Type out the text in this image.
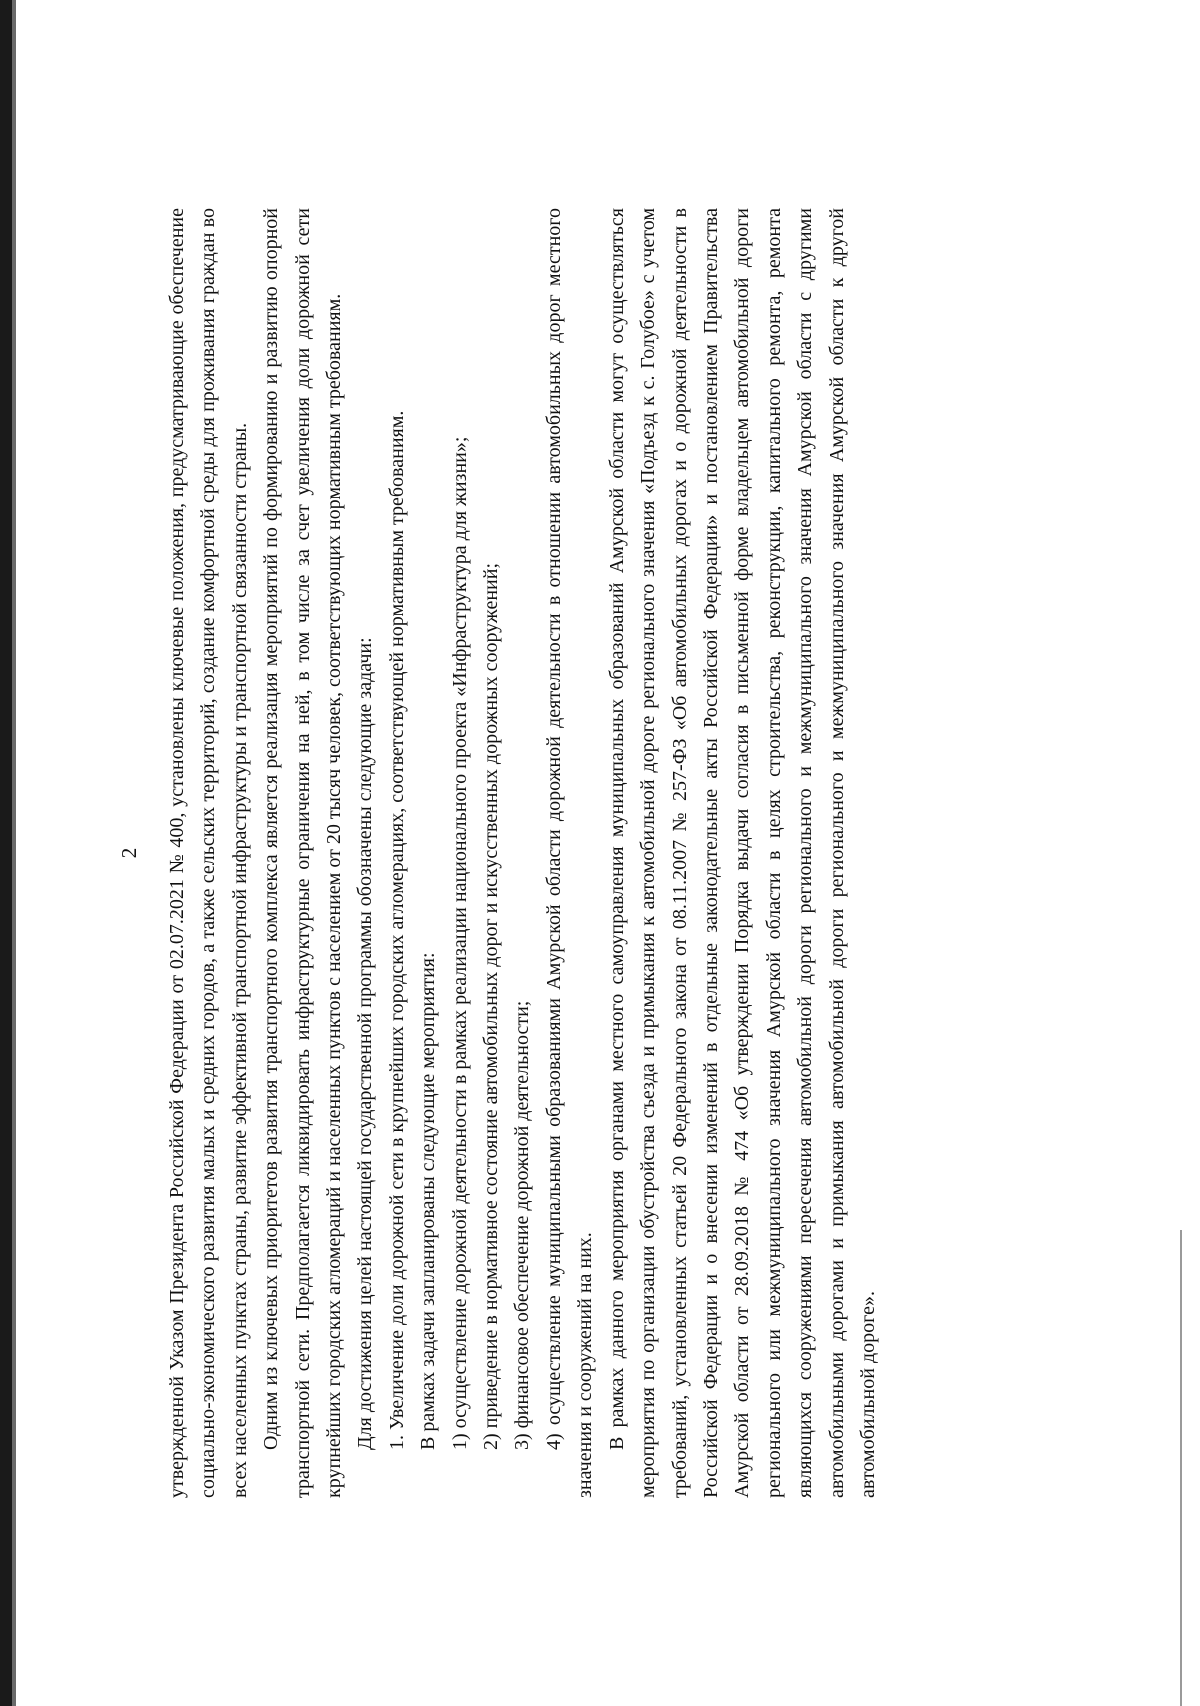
2 утвержденной Указом Президента Российской Федерации от 02.07.2021 № 400, установлены ключевые положения, предусматривающие обеспечение социально-экономического развития малых и средних городов, а также сельских территорий, создание комфортной среды для проживания граждан во всех населенных пунктах страны, развитие эффективной транспортной инфраструктуры и транспортной связанности страны. Одним из ключевых приоритетов развития транспортного комплекса является реализация мероприятий по формированию и развитию опорной транспортной сети. Предполагается ликвидировать инфраструктурные ограничения на ней, в том числе за счет увеличения доли дорожной сети крупнейших городских агломераций и населенных пунктов с населением от 20 тысяч человек, соответствующих нормативным требованиям. Для достижения целей настоящей государственной программы обозначены следующие задачи: 1. Увеличение доли дорожной сети в крупнейших городских агломерациях, соответствующей нормативным требованиям. В рамках задачи запланированы следующие мероприятия: 1) осуществление дорожной деятельности в рамках реализации национального проекта «Инфраструктура для жизни»; 2) приведение в нормативное состояние автомобильных дорог и искусственных дорожных сооружений; 3) финансовое обеспечение дорожной деятельности; 4) осуществление муниципальными образованиями Амурской области дорожной деятельности в отношении автомобильных дорог местного значения и сооружений на них. В рамках данного мероприятия органами местного самоуправления муниципальных образований Амурской области могут осуществляться мероприятия по организации обустройства съезда и примыкания к автомобильной дороге регионального значения «Подъезд к с. Голубое» с учетом требований, установленных статьей 20 Федерального закона от 08.11.2007 № 257-ФЗ «Об автомобильных дорогах и о дорожной деятельности в Российской Федерации и о внесении изменений в отдельные законодательные акты Российской Федерации» и постановлением Правительства Амурской области от 28.09.2018 № 474 «Об утверждении Порядка выдачи согласия в письменной форме владельцем автомобильной дороги регионального или межмуниципального значения Амурской области в целях строительства, реконструкции, капитального ремонта, ремонта являющихся сооружениями пересечения автомобильной дороги регионального и межмуниципального значения Амурской области с другими автомобильными дорогами и примыкания автомобильной дороги регионального и межмуниципального значения Амурской области к другой автомобильной дороге».
